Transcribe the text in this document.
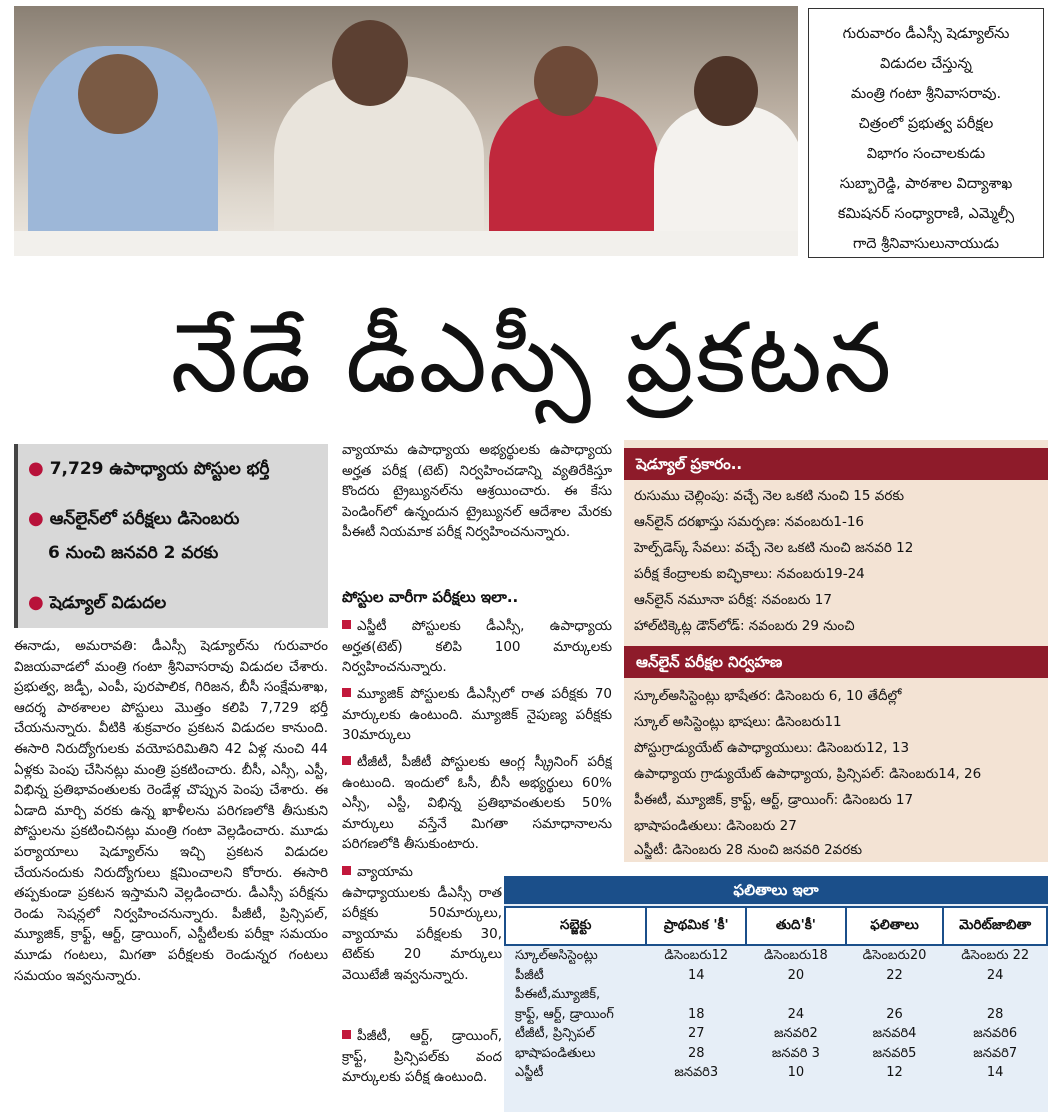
గురువారం డీఎస్సీ షెడ్యూల్‌ను
విడుదల చేస్తున్న
మంత్రి గంటా శ్రీనివాసరావు.
చిత్రంలో ప్రభుత్వ పరీక్షల
విభాగం సంచాలకుడు
సుబ్బారెడ్డి, పాఠశాల విద్యాశాఖ
కమిషనర్ సంధ్యారాణి, ఎమ్మెల్సీ
గాదె శ్రీనివాసులునాయుడు
నేడే డీఎస్సీ ప్రకటన
● 7,729 ఉపాధ్యాయ పోస్టుల భర్తీ
● ఆన్‌లైన్‌లో పరీక్షలు డిసెంబరు
6 నుంచి జనవరి 2 వరకు
● షెడ్యూల్ విడుదల
ఈనాడు, అమరావతి: డీఎస్సీ షెడ్యూల్‌ను గురువారం విజయవాడలో మంత్రి గంటా శ్రీనివాసరావు విడుదల చేశారు. ప్రభుత్వ, జడ్పీ, ఎంపీ, పురపాలిక, గిరిజన, బీసీ సంక్షేమశాఖ, ఆదర్శ పాఠశాలల పోస్టులు మొత్తం కలిపి 7,729 భర్తీ చేయనున్నారు. వీటికి శుక్రవారం ప్రకటన విడుదల కానుంది. ఈసారి నిరుద్యోగులకు వయోపరిమితిని 42 ఏళ్ల నుంచి 44 ఏళ్లకు పెంపు చేసినట్లు మంత్రి ప్రకటించారు. బీసీ, ఎస్సీ, ఎస్టీ, విభిన్న ప్రతిభావంతులకు రెండేళ్ల చొప్పున పెంపు చేశారు. ఈ ఏడాది మార్చి వరకు ఉన్న ఖాళీలను పరిగణలోకి తీసుకుని పోస్టులను ప్రకటించినట్లు మంత్రి గంటా వెల్లడించారు. మూడు పర్యాయాలు షెడ్యూల్‌ను ఇచ్చి ప్రకటన విడుదల చేయనందుకు నిరుద్యోగులు క్షమించాలని కోరారు. ఈసారి తప్పకుండా ప్రకటన ఇస్తామని వెల్లడించారు. డీఎస్సీ పరీక్షను రెండు సెషన్లలో నిర్వహించనున్నారు. పీజీటీ, ప్రిన్సిపల్, మ్యూజిక్, క్రాఫ్ట్, ఆర్ట్, డ్రాయింగ్, ఎస్టీటీలకు పరీక్షా సమయం మూడు గంటలు, మిగతా పరీక్షలకు రెండున్నర గంటలు సమయం ఇవ్వనున్నారు.
వ్యాయామ ఉపాధ్యాయ అభ్యర్థులకు ఉపాధ్యాయ అర్హత పరీక్ష (టెట్) నిర్వహించడాన్ని వ్యతిరేకిస్తూ కొందరు ట్రైబ్యునల్‌ను ఆశ్రయించారు. ఈ కేసు పెండింగ్‌లో ఉన్నందున ట్రైబ్యునల్ ఆదేశాల మేరకు పీఈటీ నియమాక పరీక్ష నిర్వహించనున్నారు.
పోస్టుల వారీగా పరీక్షలు ఇలా..
ఎస్జీటీ పోస్టులకు డీఎస్సీ, ఉపాధ్యాయ అర్హత(టెట్) కలిపి 100 మార్కులకు నిర్వహించనున్నారు.
మ్యూజిక్ పోస్టులకు డీఎస్సీలో రాత పరీక్షకు 70 మార్కులకు ఉంటుంది. మ్యూజిక్ నైపుణ్య పరీక్షకు 30మార్కులు
టీజీటీ, పీజీటీ పోస్టులకు ఆంగ్ల స్క్రీనింగ్ పరీక్ష ఉంటుంది. ఇందులో ఓసీ, బీసీ అభ్యర్థులు 60% ఎస్సీ, ఎస్టీ, విభిన్న ప్రతిభావంతులకు 50% మార్కులు వస్తేనే మిగతా సమాధానాలను పరిగణలోకి తీసుకుంటారు.
వ్యాయామ ఉపాధ్యాయులకు డీఎస్సీ రాత పరీక్షకు 50మార్కులు, వ్యాయామ పరీక్షలకు 30, టెట్‌కు 20 మార్కులు వెయిటేజీ ఇవ్వనున్నారు.
పీజీటీ, ఆర్ట్, డ్రాయింగ్, క్రాఫ్ట్, ప్రిన్సిపల్‌కు వంద మార్కులకు పరీక్ష ఉంటుంది.
షెడ్యూల్ ప్రకారం..
రుసుము చెల్లింపు: వచ్చే నెల ఒకటి నుంచి 15 వరకు
ఆన్‌లైన్ దరఖాస్తు సమర్పణ: నవంబరు1-16
హెల్ప్‌డెస్క్ సేవలు: వచ్చే నెల ఒకటి నుంచి జనవరి 12
పరీక్ష కేంద్రాలకు ఐచ్ఛికాలు: నవంబరు19-24
ఆన్‌లైన్ నమూనా పరీక్ష: నవంబరు 17
హాల్‌టిక్కెట్ల డౌన్‌లోడ్: నవంబరు 29 నుంచి
ఆన్‌లైన్ పరీక్షల నిర్వహణ
స్కూల్‌అసిస్టెంట్లు భాషేతర: డిసెంబరు 6, 10 తేదీల్లో
స్కూల్ అసిస్టెంట్లు భాషలు: డిసెంబరు11
పోస్టుగ్రాడ్యుయేట్ ఉపాధ్యాయులు: డిసెంబరు12, 13
ఉపాధ్యాయ గ్రాడ్యుయేట్ ఉపాధ్యాయ, ప్రిన్సిపల్: డిసెంబరు14, 26
పీఈటీ, మ్యూజిక్, క్రాఫ్ట్, ఆర్ట్, డ్రాయింగ్: డిసెంబరు 17
భాషాపండితులు: డిసెంబరు 27
ఎస్జీటీ: డిసెంబరు 28 నుంచి జనవరి 2వరకు
ఫలితాలు ఇలా
సబ్జెక్టు	ప్రాథమిక 'కీ'	తుది'కీ'	ఫలితాలు	మెరిట్‌జాబితా
స్కూల్‌అసిస్టెంట్లు	డిసెంబరు12	డిసెంబరు18	డిసెంబరు20	డిసెంబరు 22
పీజీటీ	14	20	22	24
పీఈటీ,మ్యూజిక్,				
క్రాఫ్ట్, ఆర్ట్, డ్రాయింగ్	18	24	26	28
టీజీటీ, ప్రిన్సిపల్	27	జనవరి2	జనవరి4	జనవరి6
భాషాపండితులు	28	జనవరి 3	జనవరి5	జనవరి7
ఎస్జీటీ	జనవరి3	10	12	14
